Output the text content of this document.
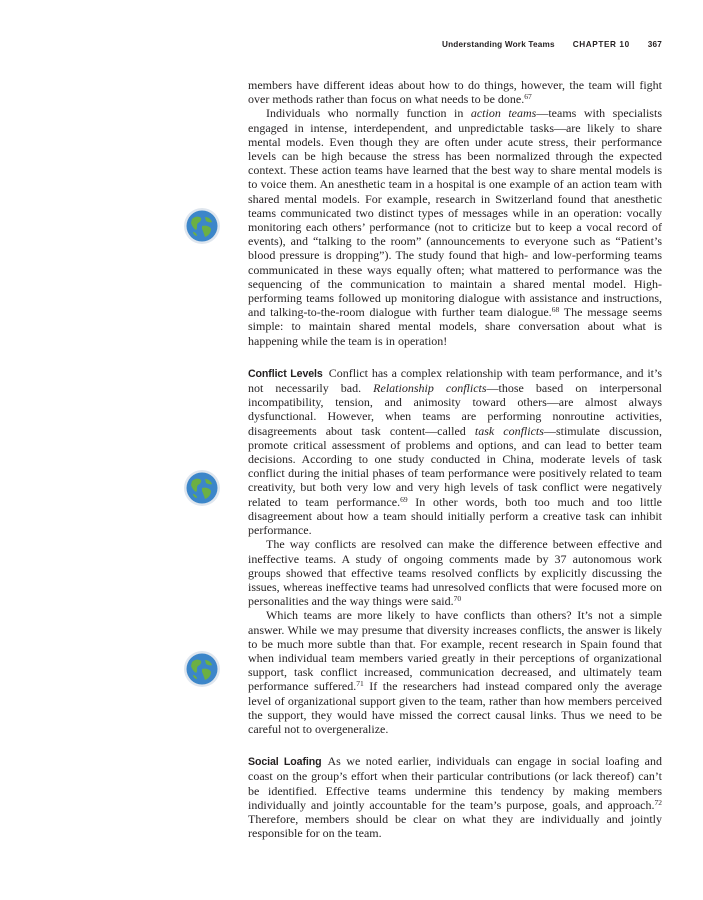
Understanding Work Teams CHAPTER 10 367

members have different ideas about how to do things, however, the team will fight over methods rather than focus on what needs to be done.$^{67}$

Individuals who normally function in action teams—teams with specialists engaged in intense, interdependent, and unpredictable tasks—are likely to share mental models. Even though they are often under acute stress, their performance levels can be high because the stress has been normalized through the expected context. These action teams have learned that the best way to share mental models is to voice them. An anesthetic team in a hospital is one example of an action team with shared mental models. For example, research in Switzerland found that anesthetic teams communicated two distinct types of messages while in an operation: vocally monitoring each others’ performance (not to criticize but to keep a vocal record of events), and “talking to the room” (announcements to everyone such as “Patient’s blood pressure is dropping”). The study found that high- and low-performing teams communicated in these ways equally often; what mattered to performance was the sequencing of the communication to maintain a shared mental model. High-performing teams followed up monitoring dialogue with assistance and instructions, and talking-to-the-room dialogue with further team dialogue.$^{68}$ The message seems simple: to maintain shared mental models, share conversation about what is happening while the team is in operation!

Conflict Levels Conflict has a complex relationship with team performance, and it’s not necessarily bad. Relationship conflicts—those based on interpersonal incompatibility, tension, and animosity toward others—are almost always dysfunctional. However, when teams are performing nonroutine activities, disagreements about task content—called task conflicts—stimulate discussion, promote critical assessment of problems and options, and can lead to better team decisions. According to one study conducted in China, moderate levels of task conflict during the initial phases of team performance were positively related to team creativity, but both very low and very high levels of task conflict were negatively related to team performance.$^{69}$ In other words, both too much and too little disagreement about how a team should initially perform a creative task can inhibit performance.

The way conflicts are resolved can make the difference between effective and ineffective teams. A study of ongoing comments made by 37 autonomous work groups showed that effective teams resolved conflicts by explicitly discussing the issues, whereas ineffective teams had unresolved conflicts that were focused more on personalities and the way things were said.$^{70}$

Which teams are more likely to have conflicts than others? It’s not a simple answer. While we may presume that diversity increases conflicts, the answer is likely to be much more subtle than that. For example, recent research in Spain found that when individual team members varied greatly in their perceptions of organizational support, task conflict increased, communication decreased, and ultimately team performance suffered.$^{71}$ If the researchers had instead compared only the average level of organizational support given to the team, rather than how members perceived the support, they would have missed the correct causal links. Thus we need to be careful not to overgeneralize.

Social Loafing As we noted earlier, individuals can engage in social loafing and coast on the group’s effort when their particular contributions (or lack thereof) can’t be identified. Effective teams undermine this tendency by making members individually and jointly accountable for the team’s purpose, goals, and approach.$^{72}$ Therefore, members should be clear on what they are individually and jointly responsible for on the team.
